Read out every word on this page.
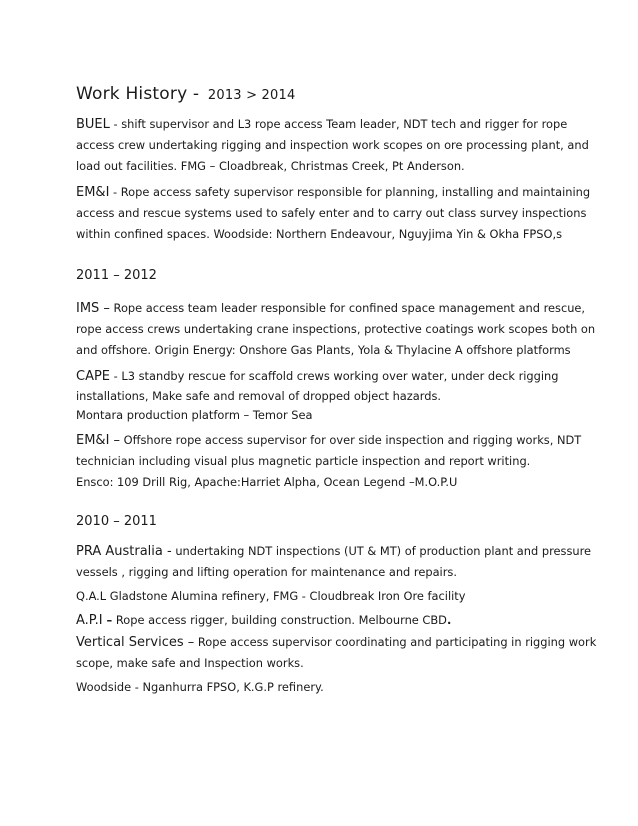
Work History - 2013 > 2014
BUEL - shift supervisor and L3 rope access Team leader, NDT tech and rigger for rope
access crew undertaking rigging and inspection work scopes on ore processing plant, and
load out facilities. FMG – Cloadbreak, Christmas Creek, Pt Anderson.
EM&I - Rope access safety supervisor responsible for planning, installing and maintaining
access and rescue systems used to safely enter and to carry out class survey inspections
within confined spaces. Woodside: Northern Endeavour, Nguyjima Yin & Okha FPSO,s
2011 – 2012
IMS – Rope access team leader responsible for confined space management and rescue,
rope access crews undertaking crane inspections, protective coatings work scopes both on
and offshore. Origin Energy: Onshore Gas Plants, Yola & Thylacine A offshore platforms
CAPE - L3 standby rescue for scaffold crews working over water, under deck rigging
installations, Make safe and removal of dropped object hazards.
Montara production platform – Temor Sea
EM&I – Offshore rope access supervisor for over side inspection and rigging works, NDT
technician including visual plus magnetic particle inspection and report writing.
Ensco: 109 Drill Rig, Apache:Harriet Alpha, Ocean Legend –M.O.P.U
2010 – 2011
PRA Australia - undertaking NDT inspections (UT & MT) of production plant and pressure
vessels , rigging and lifting operation for maintenance and repairs.
Q.A.L Gladstone Alumina refinery, FMG - Cloudbreak Iron Ore facility
A.P.I – Rope access rigger, building construction. Melbourne CBD.
Vertical Services – Rope access supervisor coordinating and participating in rigging work
scope, make safe and Inspection works.
Woodside - Nganhurra FPSO, K.G.P refinery.
